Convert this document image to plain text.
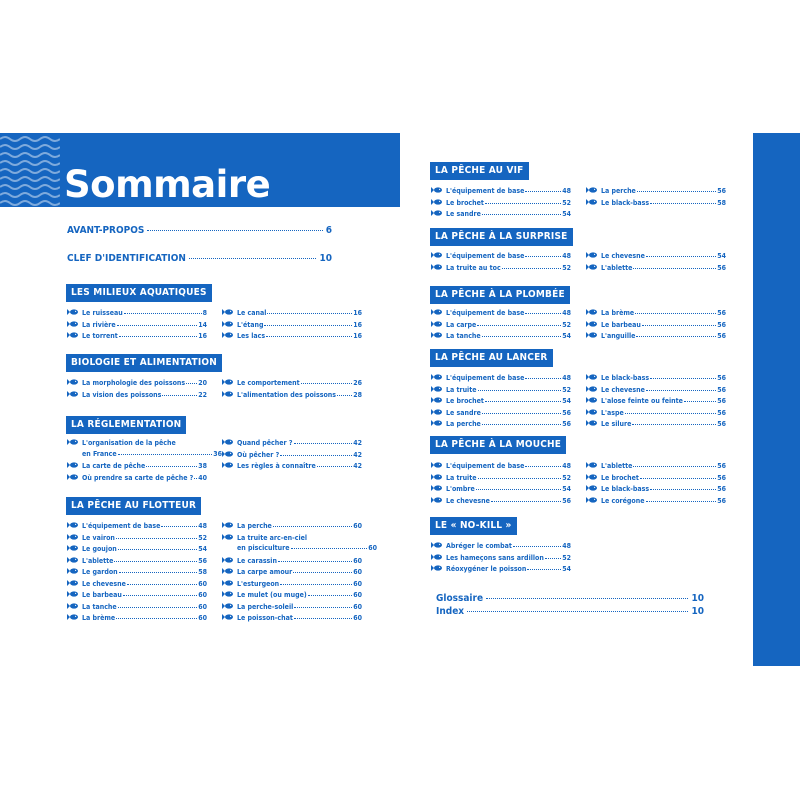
Sommaire
AVANT-PROPOS	6
CLEF D'IDENTIFICATION	10
LES MILIEUX AQUATIQUES
Le ruisseau	8
La rivière	14
Le torrent	16
Le canal	16
L'étang	16
Les lacs	16
BIOLOGIE ET ALIMENTATION
La morphologie des poissons 20
La vision des poissons	22
Le comportement	26
L'alimentation des poissons 28
LA RÉGLEMENTATION
L'organisation de la pêche
en France	36
La carte de pêche	38
Où prendre sa carte de pêche ? 40
Quand pêcher ?	42
Où pêcher ?	42
Les règles à connaître	42
LA PÊCHE AU FLOTTEUR
L'équipement de base	48
Le vairon	52
Le goujon	54
L'ablette	56
Le gardon	58
Le chevesne	60
Le barbeau	60
La tanche	60
La brème	60
La perche	60
La truite arc-en-ciel
en pisciculture	60
Le carassin	60
La carpe amour	60
L'esturgeon	60
Le mulet (ou muge)	60
La perche-soleil	60
Le poisson-chat	60
LA PÊCHE AU VIF
L'équipement de base	48
Le brochet	52
Le sandre	54
La perche	56
Le black-bass	58
LA PÊCHE À LA SURPRISE
L'équipement de base	48
La truite au toc	52
Le chevesne	54
L'ablette	56
LA PÊCHE À LA PLOMBÉE
L'équipement de base	48
La carpe	52
La tanche	54
La brème	56
Le barbeau	56
L'anguille	56
LA PÊCHE AU LANCER
L'équipement de base	48
La truite	52
Le brochet	54
Le sandre	56
La perche	56
Le black-bass	56
Le chevesne	56
L'alose feinte ou feinte	56
L'aspe	56
Le silure	56
LA PÊCHE À LA MOUCHE
L'équipement de base	48
La truite	52
L'ombre	54
Le chevesne	56
L'ablette	56
Le brochet	56
Le black-bass	56
Le corégone	56
LE « NO-KILL »
Abréger le combat	48
Les hameçons sans ardillon	52
Réoxygéner le poisson	54
Glossaire	10
Index	10
